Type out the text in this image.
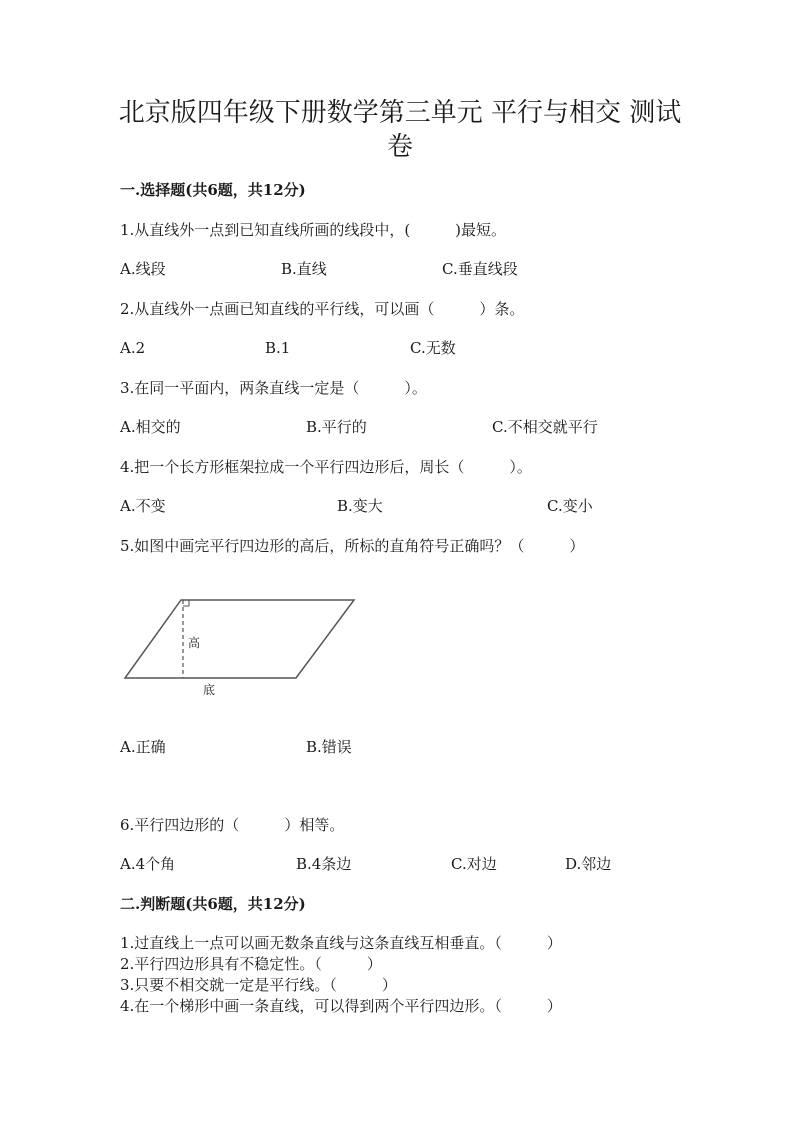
北京版四年级下册数学第三单元 平行与相交 测试卷
一.选择题(共6题，共12分)
1.从直线外一点到已知直线所画的线段中，(　　　)最短。
A.线段	B.直线	C.垂直线段
2.从直线外一点画已知直线的平行线，可以画（　　　）条。
A.2	B.1	C.无数
3.在同一平面内，两条直线一定是（　　　）。
A.相交的	B.平行的	C.不相交就平行
4.把一个长方形框架拉成一个平行四边形后，周长（　　　）。
A.不变	B.变大	C.变小
5.如图中画完平行四边形的高后，所标的直角符号正确吗？（　　　）
高
底
A.正确	B.错误
6.平行四边形的（　　　）相等。
A.4个角	B.4条边	C.对边	D.邻边
二.判断题(共6题，共12分)
1.过直线上一点可以画无数条直线与这条直线互相垂直。（　　　）
2.平行四边形具有不稳定性。（　　　）
3.只要不相交就一定是平行线。（　　　）
4.在一个梯形中画一条直线，可以得到两个平行四边形。（　　　）
